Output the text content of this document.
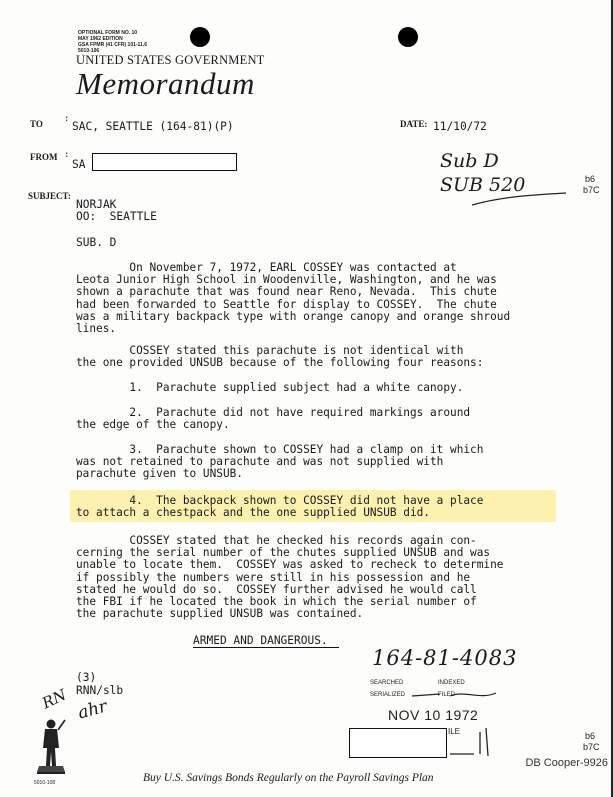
OPTIONAL FORM NO. 10
MAY 1962 EDITION
GSA FPMR (41 CFR) 101-11.6
5010-106
UNITED STATES GOVERNMENT
Memorandum
TO :
SAC, SEATTLE (164-81)(P)	DATE: 11/10/72
FROM :
SA	Sub D
SUB 520	b6
b7C
SUBJECT:
NORJAK
OO:  SEATTLE
SUB. D

On November 7, 1972, EARL COSSEY was contacted at

Leota Junior High School in Woodenville, Washington, and he was

shown a parachute that was found near Reno, Nevada.  This chute

had been forwarded to Seattle for display to COSSEY.  The chute

was a military backpack type with orange canopy and orange shroud

lines.

COSSEY stated this parachute is not identical with

the one provided UNSUB because of the following four reasons:

1.  Parachute supplied subject had a white canopy.

2.  Parachute did not have required markings around

the edge of the canopy.

3.  Parachute shown to COSSEY had a clamp on it which

was not retained to parachute and was not supplied with

parachute given to UNSUB.

4.  The backpack shown to COSSEY did not have a place

to attach a chestpack and the one supplied UNSUB did.

COSSEY stated that he checked his records again con-

cerning the serial number of the chutes supplied UNSUB and was

unable to locate them.  COSSEY was asked to recheck to determine

if possibly the numbers were still in his possession and he

stated he would do so.  COSSEY further advised he would call

the FBI if he located the book in which the serial number of

the parachute supplied UNSUB was contained.

ARMED AND DANGEROUS.
164-81-4083
SEARCHED	INDEXED
SERIALIZED	FILED
NOV 10 1972
ILE	b6
b7C
(3)
RNN/slb
RN ahr
5010-108	Buy U.S. Savings Bonds Regularly on the Payroll Savings Plan
DB Cooper-9926
